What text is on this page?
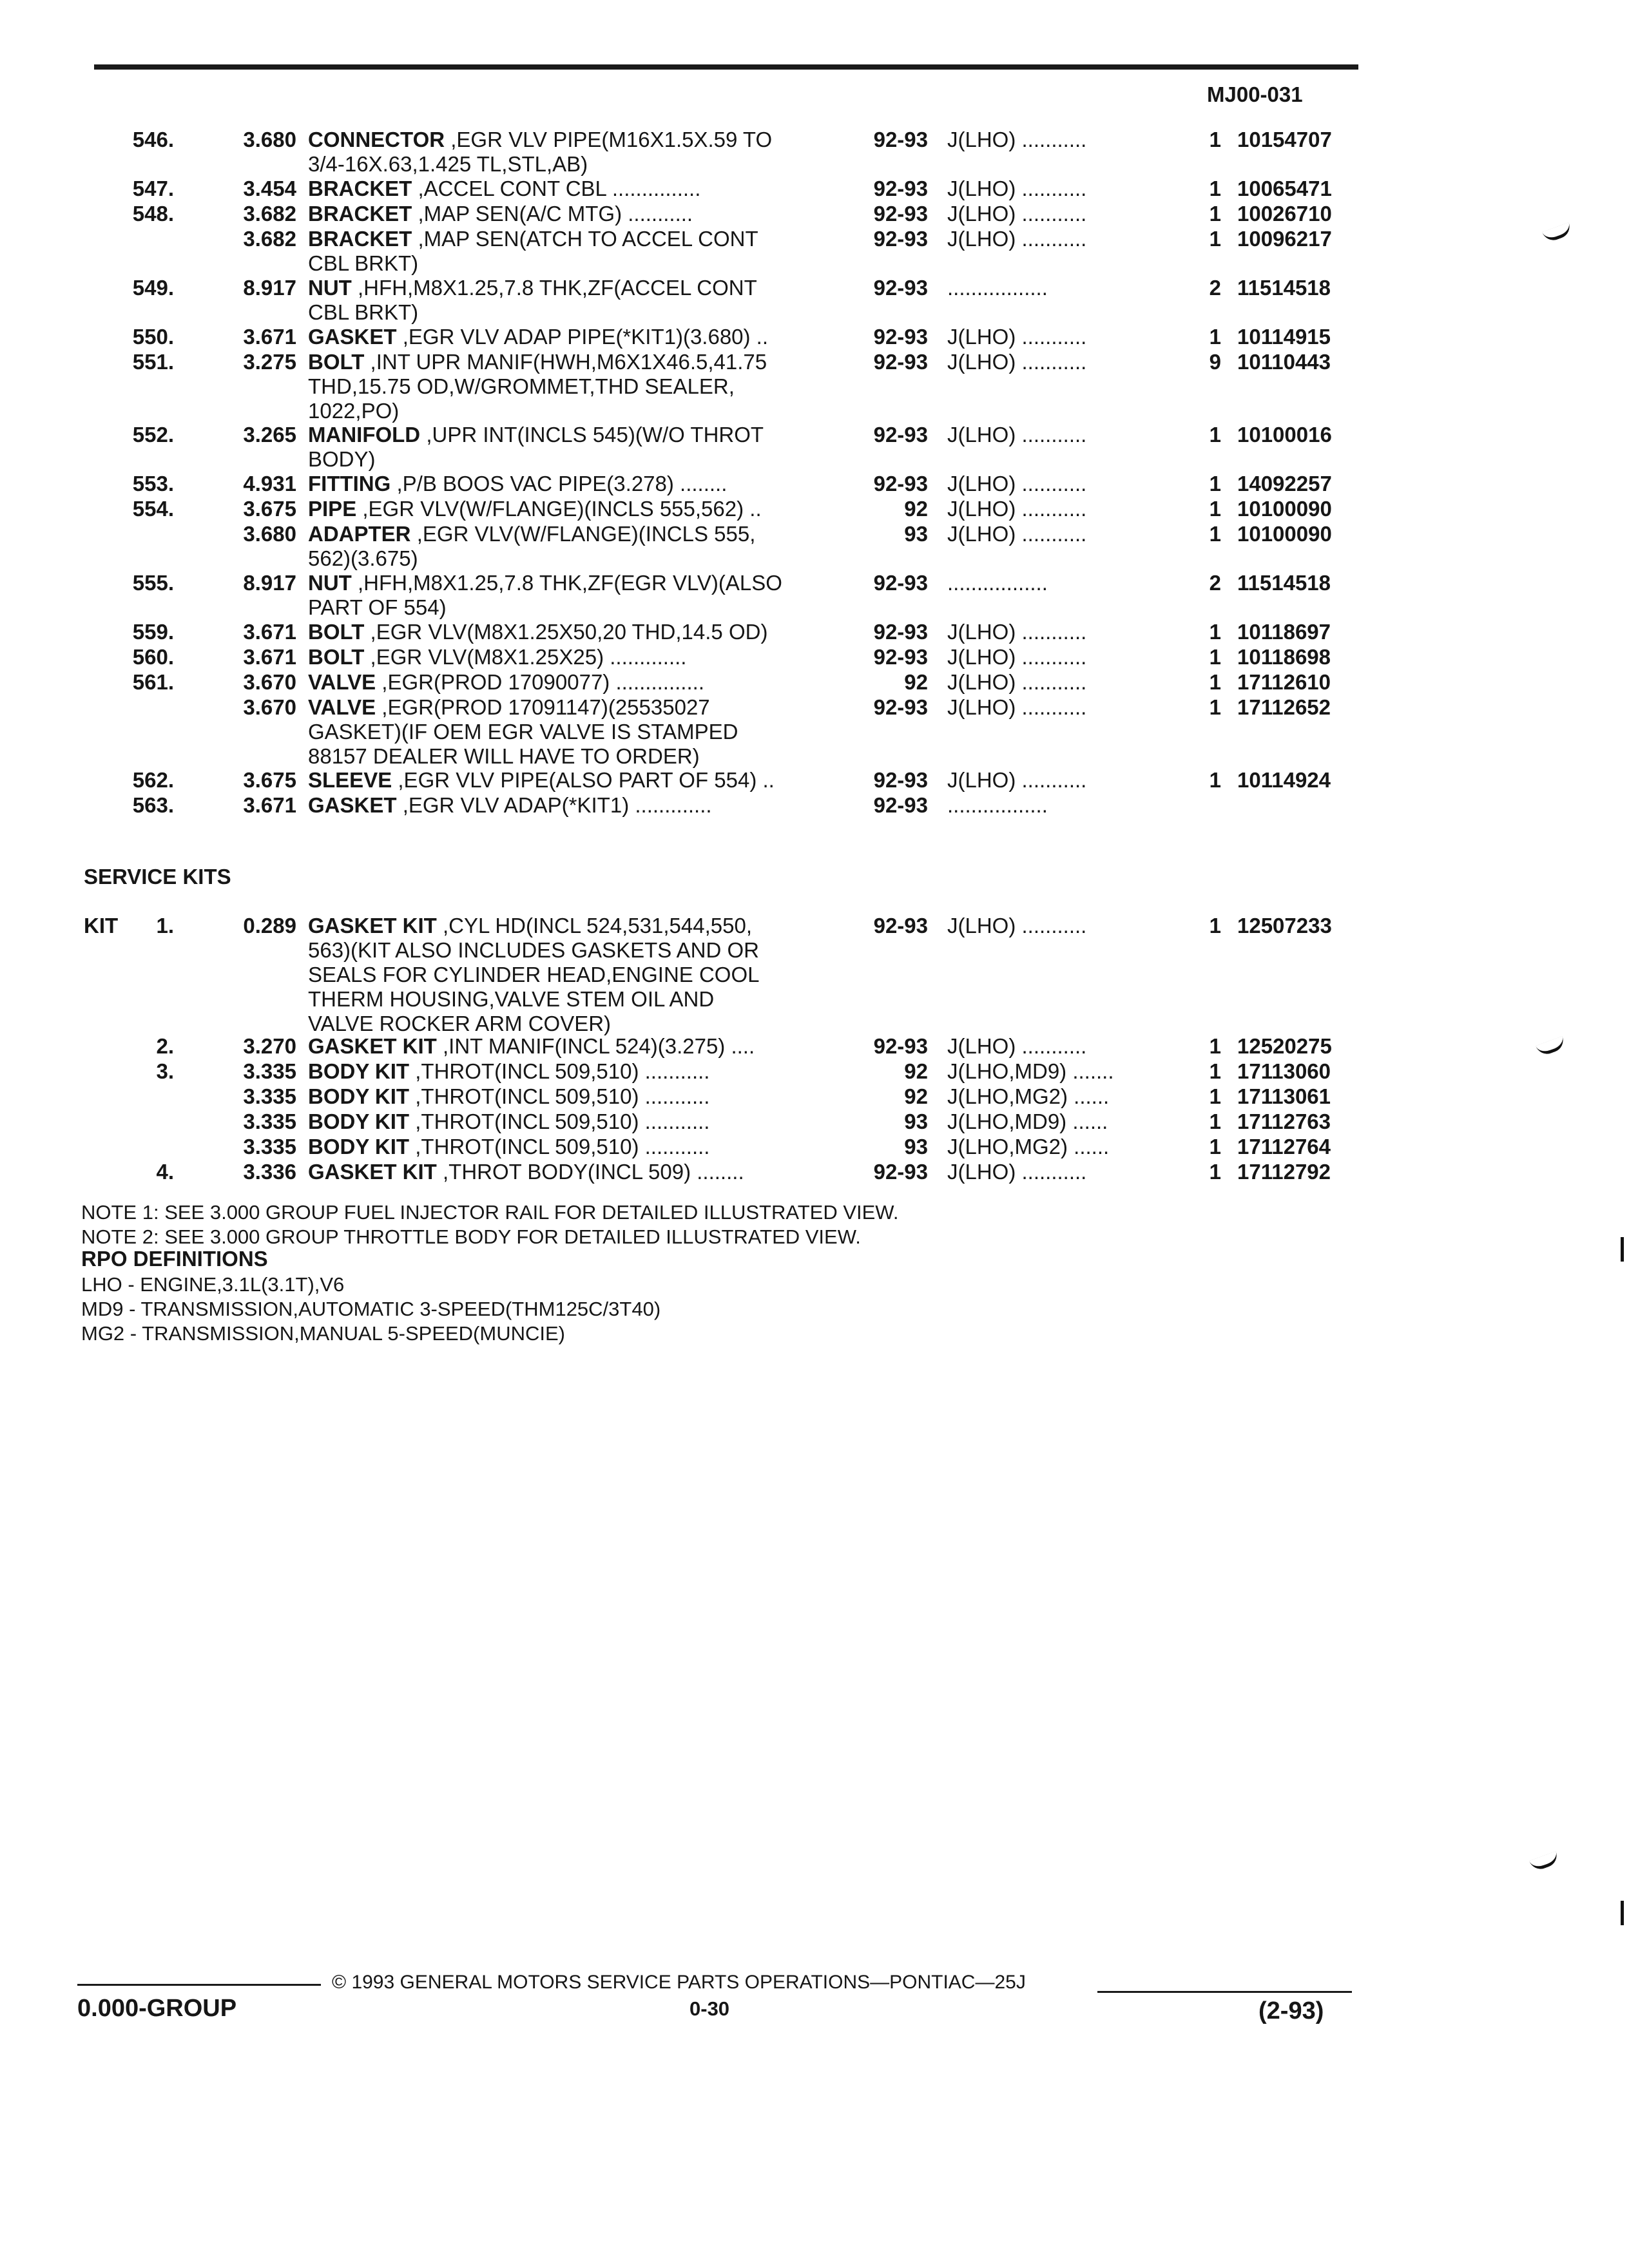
MJ00-031
546.	3.680 CONNECTOR ,EGR VLV PIPE(M16X1.5X.59 TO
3/4-16X.63,1.425 TL,STL,AB)
92-93 J(LHO) ...........	1 10154707
547.	3.454 BRACKET ,ACCEL CONT CBL ...............	92-93 J(LHO) ...........	1 10065471
548.	3.682 BRACKET ,MAP SEN(A/C MTG) ...........	92-93 J(LHO) ...........	1 10026710
3.682 BRACKET ,MAP SEN(ATCH TO ACCEL CONT
CBL BRKT)
92-93 J(LHO) ...........	1 10096217
549.	8.917 NUT ,HFH,M8X1.25,7.8 THK,ZF(ACCEL CONT
CBL BRKT)
92-93 .................	2 11514518
550.	3.671 GASKET ,EGR VLV ADAP PIPE(*KIT1)(3.680) ..	92-93 J(LHO) ...........	1 10114915
551.	3.275 BOLT ,INT UPR MANIF(HWH,M6X1X46.5,41.75
THD,15.75 OD,W/GROMMET,THD SEALER,
1022,PO)
92-93 J(LHO) ...........	9 10110443
552.	3.265 MANIFOLD ,UPR INT(INCLS 545)(W/O THROT
BODY)
92-93 J(LHO) ...........	1 10100016
553.	4.931 FITTING ,P/B BOOS VAC PIPE(3.278) ........	92-93 J(LHO) ...........	1 14092257
554.	3.675 PIPE ,EGR VLV(W/FLANGE)(INCLS 555,562) ..	92 J(LHO) ...........	1 10100090
3.680 ADAPTER ,EGR VLV(W/FLANGE)(INCLS 555,
562)(3.675)
93 J(LHO) ...........	1 10100090
555.	8.917 NUT ,HFH,M8X1.25,7.8 THK,ZF(EGR VLV)(ALSO
PART OF 554)
92-93 .................	2 11514518
559.	3.671 BOLT ,EGR VLV(M8X1.25X50,20 THD,14.5 OD)	92-93 J(LHO) ...........	1 10118697
560.	3.671 BOLT ,EGR VLV(M8X1.25X25) .............	92-93 J(LHO) ...........	1 10118698
561.	3.670 VALVE ,EGR(PROD 17090077) ...............	92 J(LHO) ...........	1 17112610
3.670 VALVE ,EGR(PROD 17091147)(25535027
GASKET)(IF OEM EGR VALVE IS STAMPED
88157 DEALER WILL HAVE TO ORDER)
92-93 J(LHO) ...........	1 17112652
562.	3.675 SLEEVE ,EGR VLV PIPE(ALSO PART OF 554) ..	92-93 J(LHO) ...........	1 10114924
563.	3.671 GASKET ,EGR VLV ADAP(*KIT1) .............	92-93 .................
SERVICE KITS
KIT	1.	0.289 GASKET KIT ,CYL HD(INCL 524,531,544,550,
563)(KIT ALSO INCLUDES GASKETS AND OR
SEALS FOR CYLINDER HEAD,ENGINE COOL
THERM HOUSING,VALVE STEM OIL AND
VALVE ROCKER ARM COVER)
92-93 J(LHO) ...........	1 12507233
2.	3.270 GASKET KIT ,INT MANIF(INCL 524)(3.275) ....	92-93 J(LHO) ...........	1 12520275
3.	3.335 BODY KIT ,THROT(INCL 509,510) ...........	92 J(LHO,MD9) .......	1 17113060
3.335 BODY KIT ,THROT(INCL 509,510) ...........	92 J(LHO,MG2) ......	1 17113061
3.335 BODY KIT ,THROT(INCL 509,510) ...........	93 J(LHO,MD9) ......	1 17112763
3.335 BODY KIT ,THROT(INCL 509,510) ...........	93 J(LHO,MG2) ......	1 17112764
4.	3.336 GASKET KIT ,THROT BODY(INCL 509) ........	92-93 J(LHO) ...........	1 17112792
NOTE 1: SEE 3.000 GROUP FUEL INJECTOR RAIL FOR DETAILED ILLUSTRATED VIEW.
NOTE 2: SEE 3.000 GROUP THROTTLE BODY FOR DETAILED ILLUSTRATED VIEW.
RPO DEFINITIONS
LHO - ENGINE,3.1L(3.1T),V6
MD9 - TRANSMISSION,AUTOMATIC 3-SPEED(THM125C/3T40)
MG2 - TRANSMISSION,MANUAL 5-SPEED(MUNCIE)
© 1993 GENERAL MOTORS SERVICE PARTS OPERATIONS—PONTIAC—25J
0.000-GROUP	0-30	(2-93)
